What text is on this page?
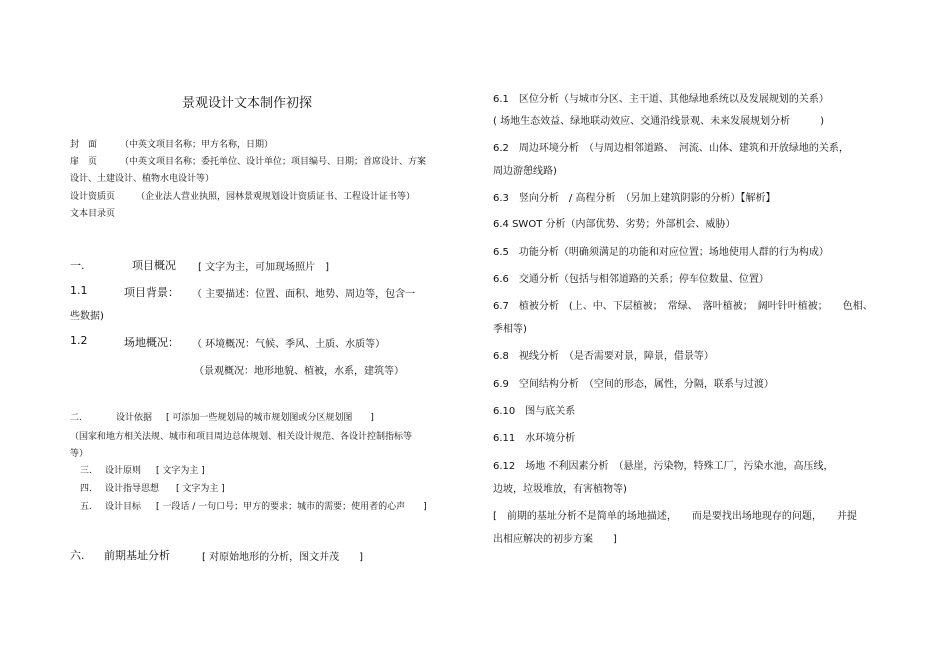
景观设计文本制作初探
封　面	（中英文项目名称；甲方名称，日期）
扉　页	（中英文项目名称；委托单位、设计单位；项目编号、日期；首席设计、方案
设计、土建设计、植物水电设计等）
设计资质页 （企业法人营业执照，园林景观规划设计资质证书、工程设计证书等）
文本目录页
一.	项目概况 [ 文字为主，可加现场照片　]
1.1	项目背景： （ 主要描述：位置、面积、地势、周边等，包含一
些数据)
1.2	场地概况： （ 环境概况：气候、季风、土质、水质等）
（景观概况：地形地貌、植被，水系，建筑等）
二.	设计依据 [ 可添加一些规划局的城市规划图或分区规划图　　]
（国家和地方相关法规、城市和项目周边总体规划、相关设计规范、各设计控制指标等
等）
三. 设计原则 [ 文字为主 ]
四. 设计指导思想 [ 文字为主 ]
五. 设计目标 [ 一段话 / 一句口号；甲方的要求；城市的需要；使用者的心声　　]
六. 前期基址分析	[ 对原始地形的分析，图文并茂　　]
6.1　区位分析（与城市分区、主干道、其他绿地系统以及发展规划的关系）
( 场地生态效益、绿地联动效应、交通沿线景观、未来发展规划分析　　　)
6.2　周边环境分析　（与周边相邻道路、　河流、山体、建筑和开放绿地的关系，
周边游憩线路)
6.3　竖向分析　/ 高程分析　（另加上建筑阴影的分析）【解析】
6.4 SWOT 分析（内部优势、劣势；外部机会、威胁）
6.5　功能分析（明确须满足的功能和对应位置；场地使用人群的行为构成）
6.6　交通分析（包括与相邻道路的关系；停车位数量、位置）
6.7　植被分析　(上、中、下层植被；　常绿、　落叶植被；　阔叶针叶植被；　　色相、
季相等)
6.8　视线分析　（是否需要对景，障景，借景等）
6.9　空间结构分析　（空间的形态，属性，分隔，联系与过渡）
6.10　图与底关系
6.11　水环境分析
6.12　场地 不利因素分析　（悬崖，污染物，特殊工厂，污染水池，高压线，
边坡，垃圾堆放，有害植物等)
[　前期的基址分析不是简单的场地描述，　　而是要找出场地现存的问题，　　并提
出相应解决的初步方案　　]
